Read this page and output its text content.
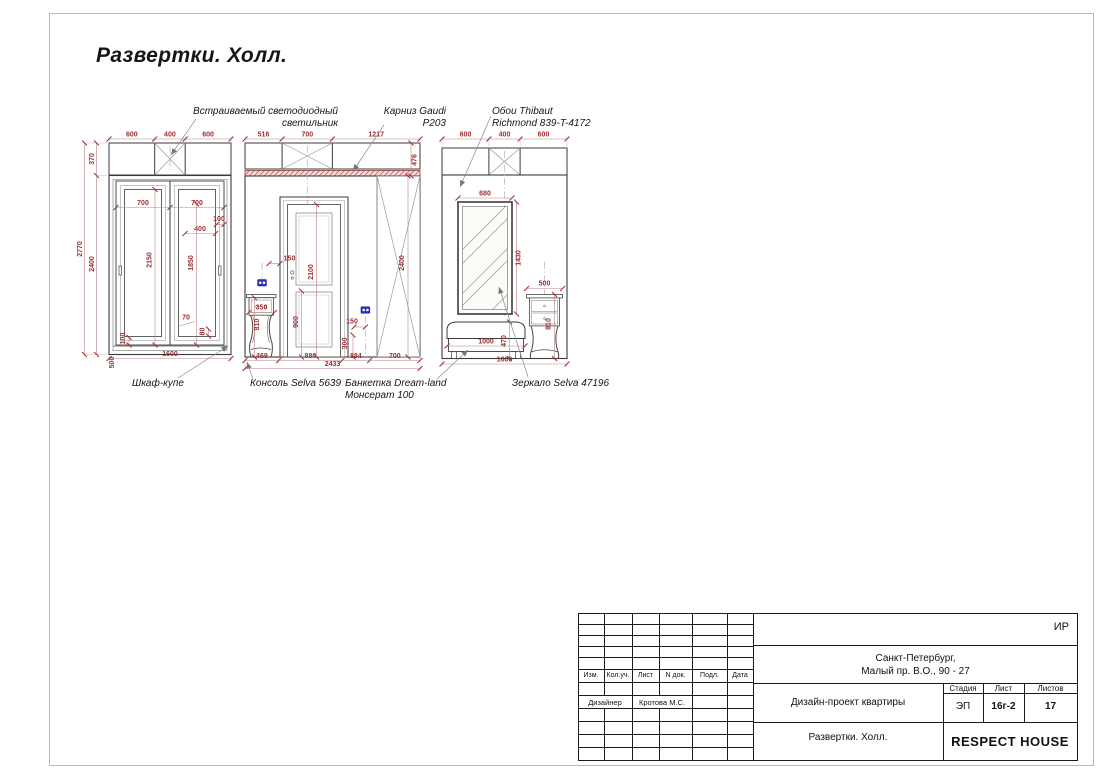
Развертки. Холл.
600	400	600
2770
370
2400
700	700
100
400
2150	1850
70
80
100
1600
500
516	700	1217
476
2400
2100
900
150
350
810	150
300
469	880	384	700
2433
600	400	600
680
1430
500
810
1000 470
1600
Встраиваемый светодиодный
светильник
Карниз Gaudi
P203
Обои Thibaut
Richmond 839-T-4172
Шкаф-купе	Консоль Selva 5639 Банкетка Dream-land
Монсерат 100
Зеркало Selva 47196
ИР
Санкт-Петербург,
Малый пр. В.О., 90 - 27
Изм.	Кол.уч.	Лист	N док.	Подл.	Дата
Дизайнер	Кротова М.С.	Дизайн-проект квартиры
Стадия	Лист	Листов
ЭП	16г-2	17
Развертки. Холл.	RESPECT HOUSE
